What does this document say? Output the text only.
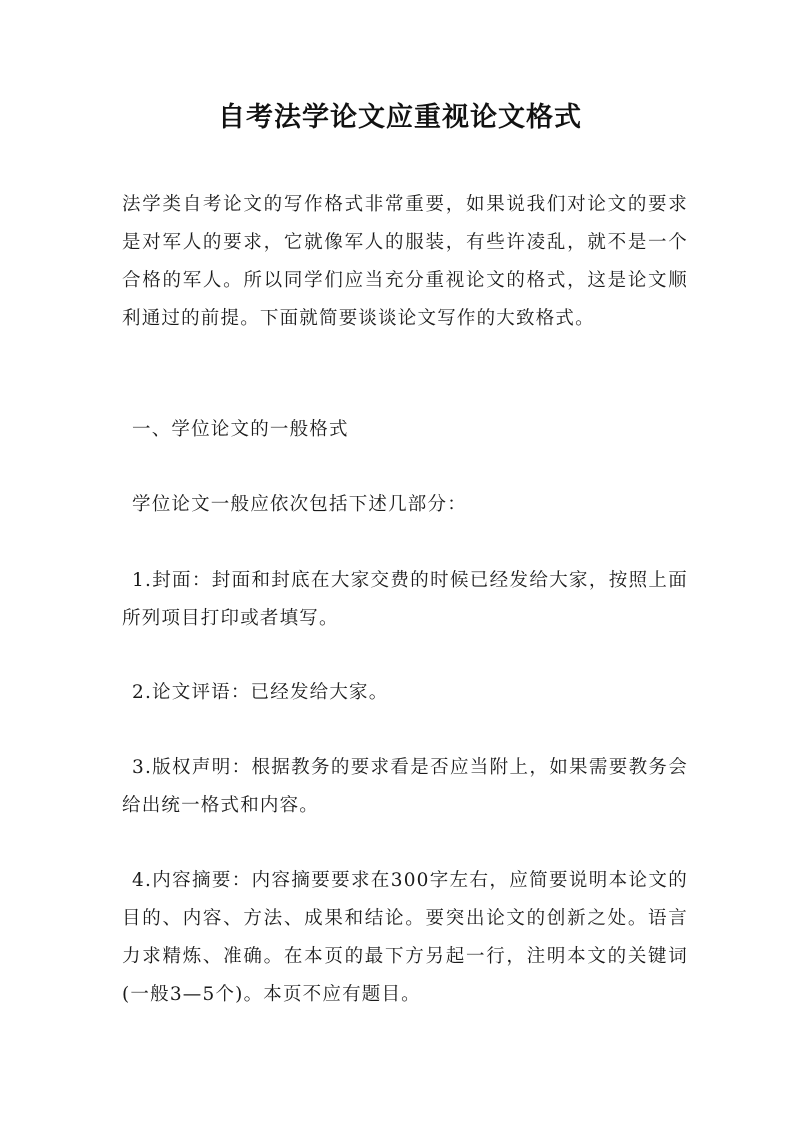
自考法学论文应重视论文格式
法学类自考论文的写作格式非常重要，如果说我们对论文的要求是对军人的要求，它就像军人的服装，有些许凌乱，就不是一个合格的军人。所以同学们应当充分重视论文的格式，这是论文顺利通过的前提。下面就简要谈谈论文写作的大致格式。
一、学位论文的一般格式
学位论文一般应依次包括下述几部分：
1.封面：封面和封底在大家交费的时候已经发给大家，按照上面所列项目打印或者填写。
2.论文评语：已经发给大家。
3.版权声明：根据教务的要求看是否应当附上，如果需要教务会给出统一格式和内容。
4.内容摘要：内容摘要要求在300字左右，应简要说明本论文的目的、内容、方法、成果和结论。要突出论文的创新之处。语言力求精炼、准确。在本页的最下方另起一行，注明本文的关键词(一般3—5个)。本页不应有题目。
